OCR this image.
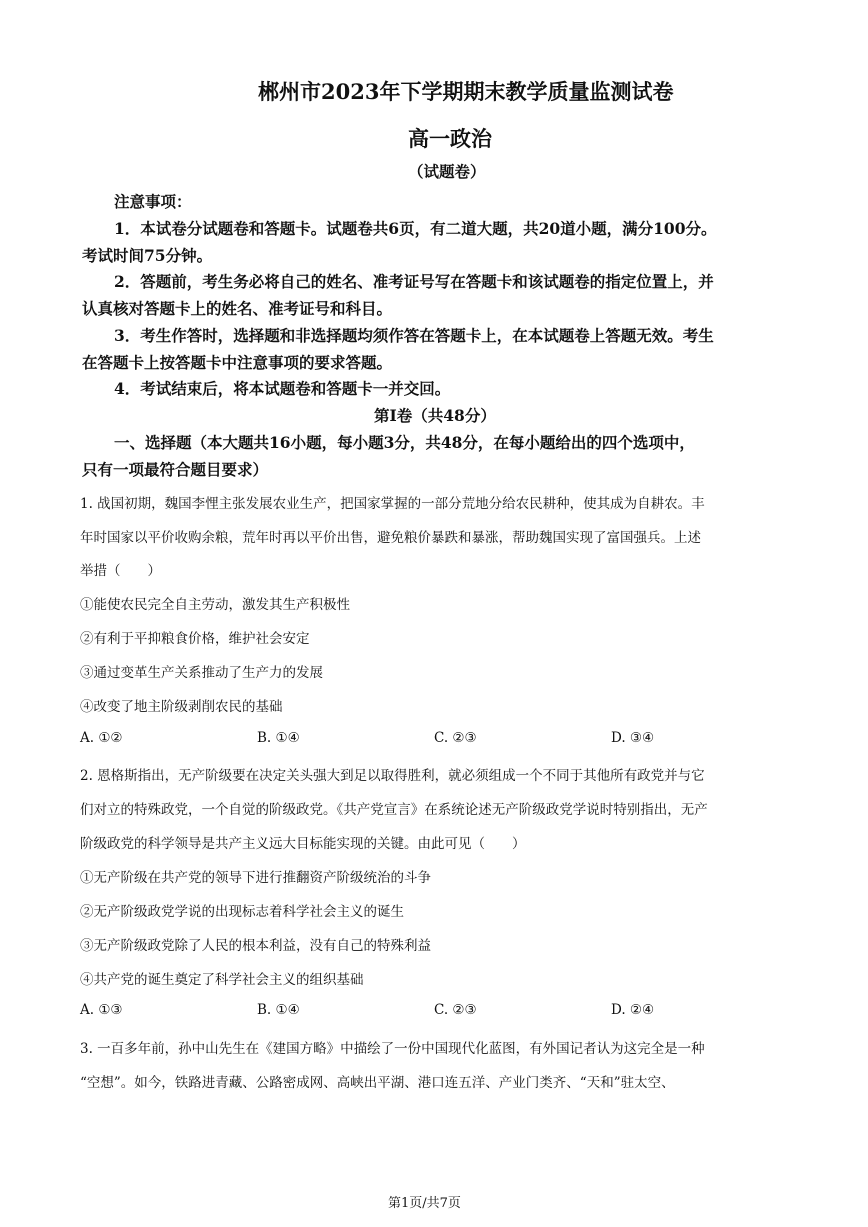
郴州市2023年下学期期末教学质量监测试卷
高一政治
（试题卷）
注意事项：
1．本试卷分试题卷和答题卡。试题卷共6页，有二道大题，共20道小题，满分100分。
考试时间75分钟。
2．答题前，考生务必将自己的姓名、准考证号写在答题卡和该试题卷的指定位置上，并
认真核对答题卡上的姓名、准考证号和科目。
3．考生作答时，选择题和非选择题均须作答在答题卡上，在本试题卷上答题无效。考生
在答题卡上按答题卡中注意事项的要求答题。
4．考试结束后，将本试题卷和答题卡一并交回。
第Ⅰ卷（共48分）
一、选择题（本大题共16小题，每小题3分，共48分，在每小题给出的四个选项中，
只有一项最符合题目要求）
1. 战国初期，魏国李悝主张发展农业生产，把国家掌握的一部分荒地分给农民耕种，使其成为自耕农。丰
年时国家以平价收购余粮，荒年时再以平价出售，避免粮价暴跌和暴涨，帮助魏国实现了富国强兵。上述
举措（　　）
①能使农民完全自主劳动，激发其生产积极性
②有利于平抑粮食价格，维护社会安定
③通过变革生产关系推动了生产力的发展
④改变了地主阶级剥削农民的基础
A. ①②	B. ①④	C. ②③	D. ③④
2. 恩格斯指出，无产阶级要在决定关头强大到足以取得胜利，就必须组成一个不同于其他所有政党并与它
们对立的特殊政党，一个自觉的阶级政党。《共产党宣言》在系统论述无产阶级政党学说时特别指出，无产
阶级政党的科学领导是共产主义远大目标能实现的关键。由此可见（　　）
①无产阶级在共产党的领导下进行推翻资产阶级统治的斗争
②无产阶级政党学说的出现标志着科学社会主义的诞生
③无产阶级政党除了人民的根本利益，没有自己的特殊利益
④共产党的诞生奠定了科学社会主义的组织基础
A. ①③	B. ①④	C. ②③	D. ②④
3. 一百多年前，孙中山先生在《建国方略》中描绘了一份中国现代化蓝图，有外国记者认为这完全是一种
“空想”。如今，铁路进青藏、公路密成网、高峡出平湖、港口连五洋、产业门类齐、“天和”驻太空、
第1页/共7页
